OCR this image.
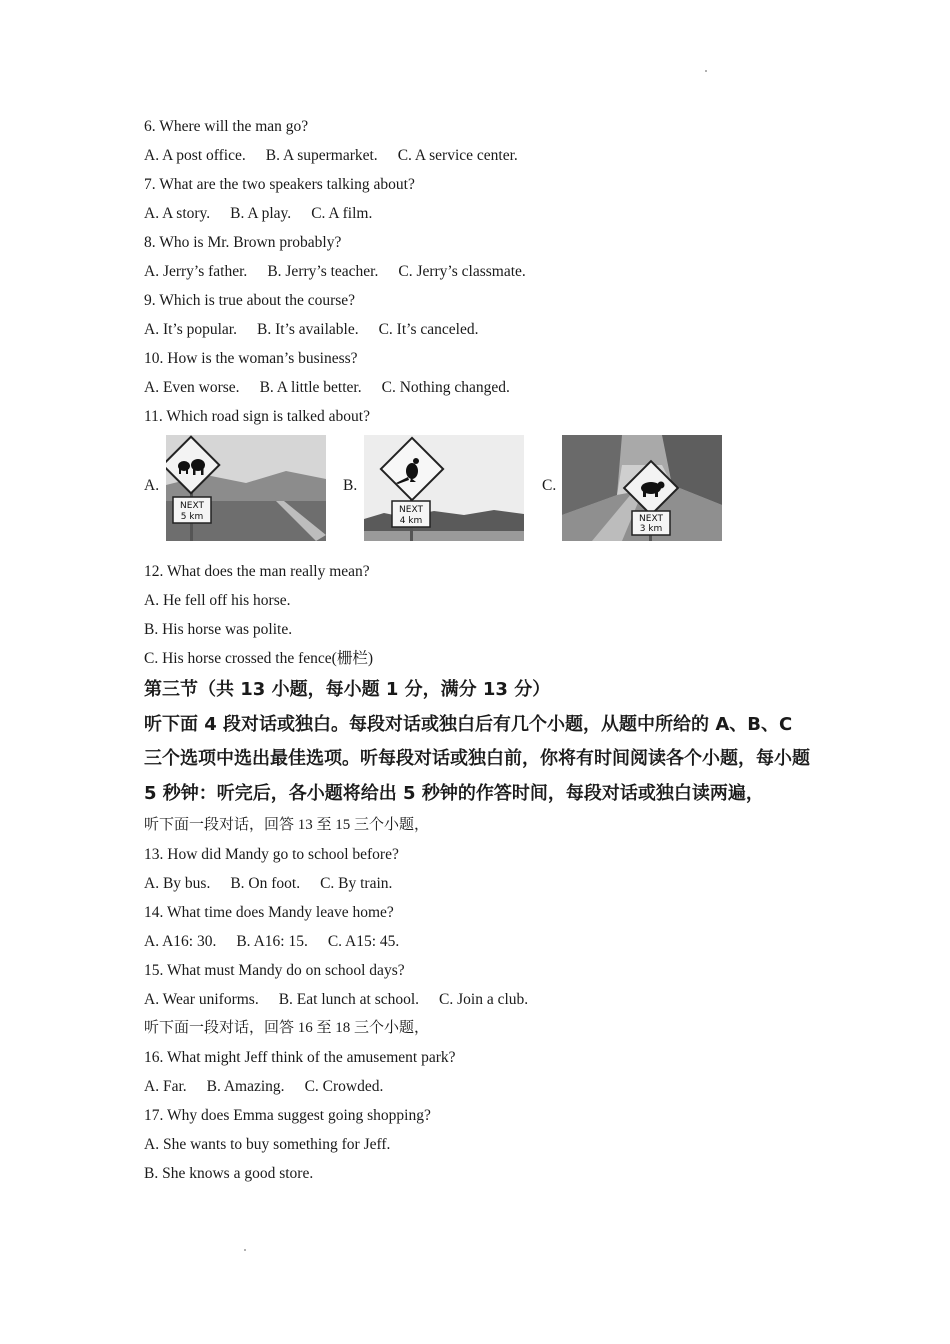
6. Where will the man go?
A. A post office. B. A supermarket. C. A service center.
7. What are the two speakers talking about?
A. A story. B. A play. C. A film.
8. Who is Mr. Brown probably?
A. Jerry’s father. B. Jerry’s teacher. C. Jerry’s classmate.
9. Which is true about the course?
A. It’s popular. B. It’s available. C. It’s canceled.
10. How is the woman’s business?
A. Even worse. B. A little better. C. Nothing changed.
11. Which road sign is talked about?
A.
NEXT
5 km
B.
NEXT
4 km
C.
NEXT
3 km
12. What does the man really mean?
A. He fell off his horse.
B. His horse was polite.
C. His horse crossed the fence(栅栏)
第三节（共 13 小题，每小题 1 分，满分 13 分）
听下面 4 段对话或独白。每段对话或独白后有几个小题，从题中所给的 A、B、C 三个选项中选出最佳选项。听每段对话或独白前，你将有时间阅读各个小题，每小题 5 秒钟：听完后，各小题将给出 5 秒钟的作答时间，每段对话或独白读两遍，
听下面一段对话，回答 13 至 15 三个小题，
13. How did Mandy go to school before?
A. By bus. B. On foot. C. By train.
14. What time does Mandy leave home?
A. A16: 30. B. A16: 15. C. A15: 45.
15. What must Mandy do on school days?
A. Wear uniforms. B. Eat lunch at school. C. Join a club.
听下面一段对话，回答 16 至 18 三个小题，
16. What might Jeff think of the amusement park?
A. Far. B. Amazing. C. Crowded.
17. Why does Emma suggest going shopping?
A. She wants to buy something for Jeff.
B. She knows a good store.
